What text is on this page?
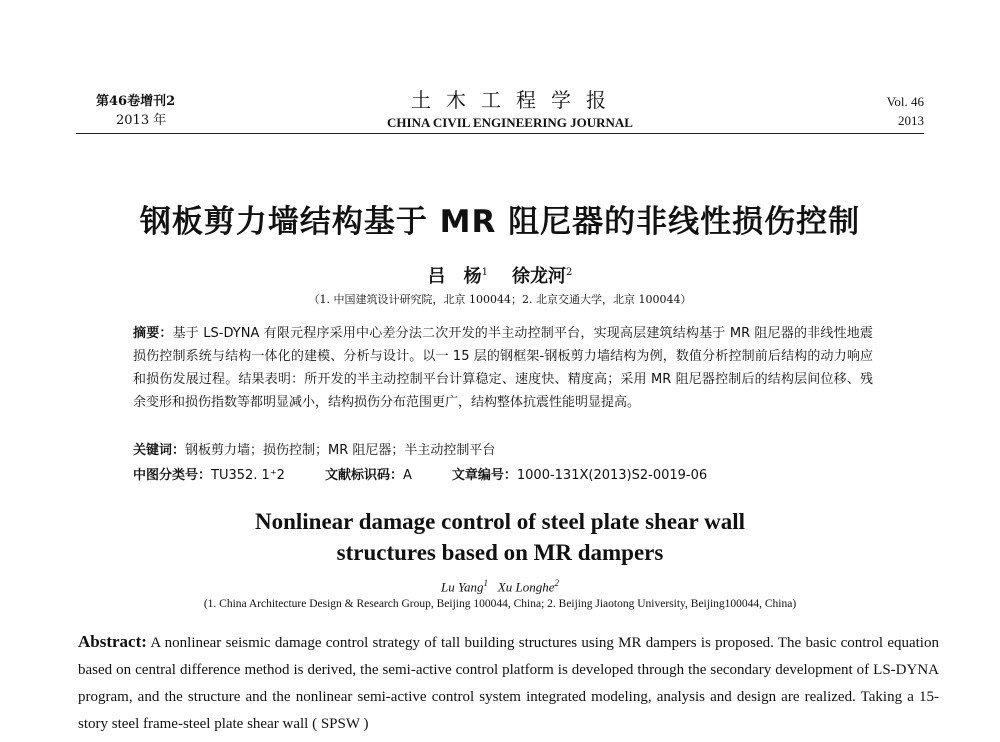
第46卷增刊2
2013 年
土木工程学报
CHINA CIVIL ENGINEERING JOURNAL
Vol. 46
2013
钢板剪力墙结构基于 MR 阻尼器的非线性损伤控制
吕　杨$^1$ 徐龙河$^2$
（1. 中国建筑设计研究院，北京 100044；2. 北京交通大学，北京 100044）
摘要：基于 LS-DYNA 有限元程序采用中心差分法二次开发的半主动控制平台，实现高层建筑结构基于 MR 阻尼器的非线性地震损伤控制系统与结构一体化的建模、分析与设计。以一 15 层的钢框架-钢板剪力墙结构为例，数值分析控制前后结构的动力响应和损伤发展过程。结果表明：所开发的半主动控制平台计算稳定、速度快、精度高；采用 MR 阻尼器控制后的结构层间位移、残余变形和损伤指数等都明显减小，结构损伤分布范围更广，结构整体抗震性能明显提高。
关键词：钢板剪力墙；损伤控制；MR 阻尼器；半主动控制平台
中图分类号：TU352. 1⁺2	文献标识码：A	文章编号：1000-131X(2013)S2-0019-06
Nonlinear damage control of steel plate shear wall structures based on MR dampers
Lu Yang$^1$ Xu Longhe$^2$
(1. China Architecture Design & Research Group, Beijing 100044, China; 2. Beijing Jiaotong University, Beijing100044, China)
Abstract: A nonlinear seismic damage control strategy of tall building structures using MR dampers is proposed. The basic control equation based on central difference method is derived, the semi-active control platform is developed through the secondary development of LS-DYNA program, and the structure and the nonlinear semi-active control system integrated modeling, analysis and design are realized. Taking a 15-story steel frame-steel plate shear wall ( SPSW )
